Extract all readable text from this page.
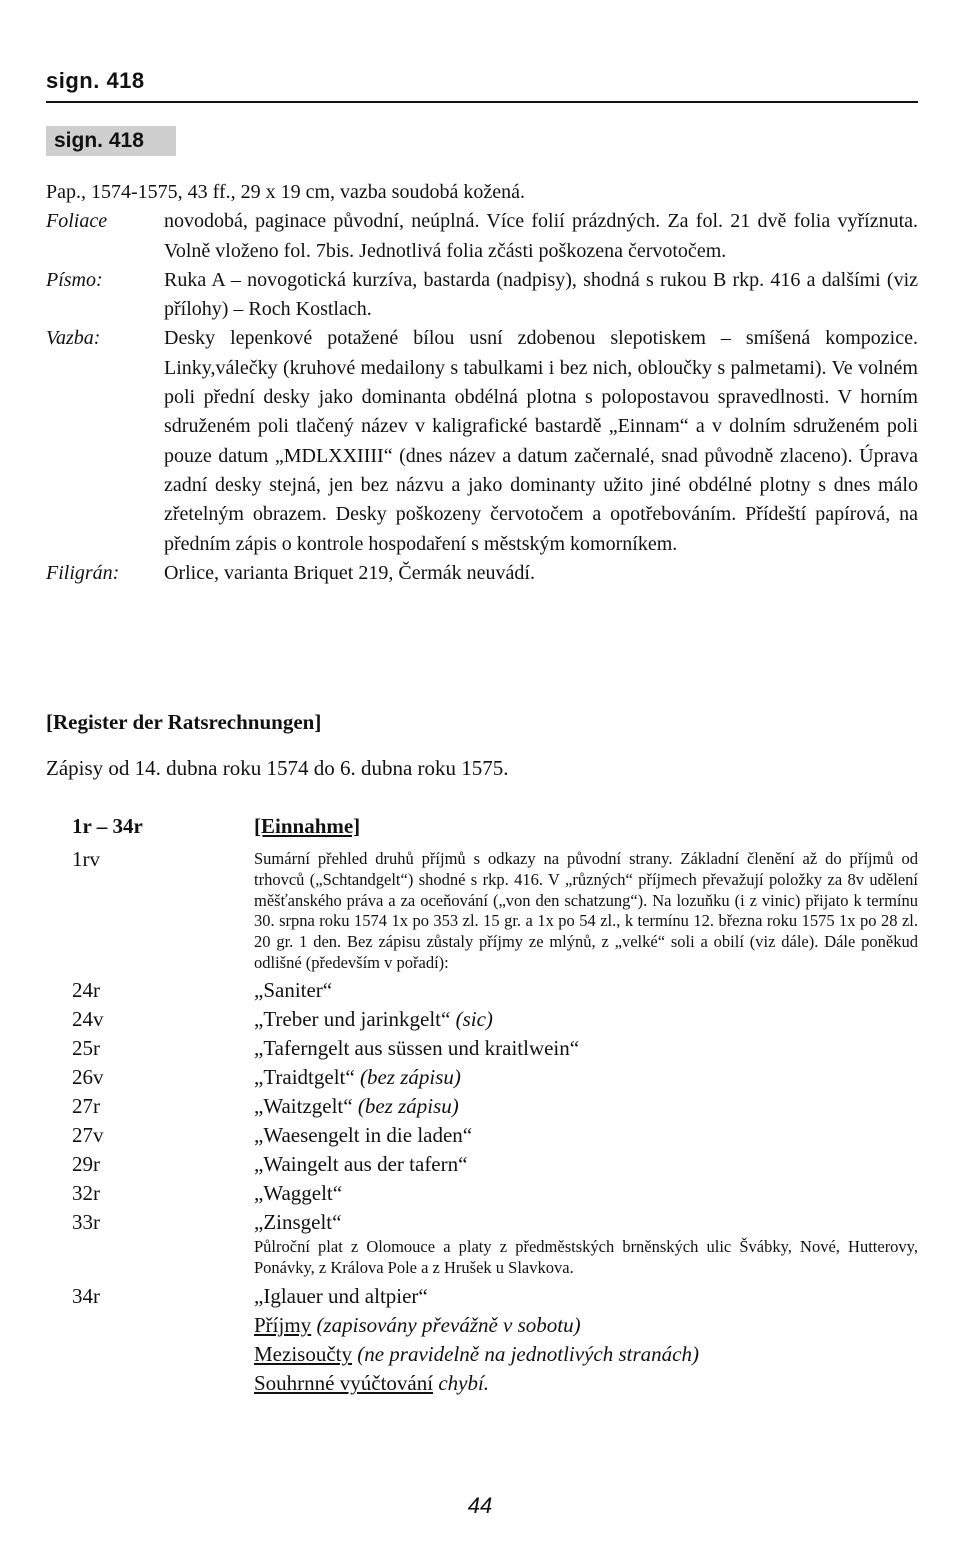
sign. 418
sign. 418

Pap., 1574-1575, 43 ff., 29 x 19 cm, vazba soudobá kožená.

Foliace	novodobá, paginace původní, neúplná. Více folií prázdných. Za fol. 21 dvě folia vyříznuta. Volně vloženo fol. 7bis. Jednotlivá folia zčásti poškozena červotočem.
Písmo:	Ruka A – novogotická kurzíva, bastarda (nadpisy), shodná s rukou B rkp. 416 a dalšími (viz přílohy) – Roch Kostlach.
Vazba:	Desky lepenkové potažené bílou usní zdobenou slepotiskem – smíšená kompozice. Linky,válečky (kruhové medailony s tabulkami i bez nich, obloučky s palmetami). Ve volném poli přední desky jako dominanta obdélná plotna s polopostavou spravedlnosti. V horním sdruženém poli tlačený název v kaligrafické bastardě „Einnam“ a v dolním sdruženém poli pouze datum „MDLXXIIII“ (dnes název a datum začernalé, snad původně zlaceno). Úprava zadní desky stejná, jen bez názvu a jako dominanty užito jiné obdélné plotny s dnes málo zřetelným obrazem. Desky poškozeny červotočem a opotřebováním. Přídeští papírová, na předním zápis o kontrole hospodaření s městským komorníkem.
Filigrán:	Orlice, varianta Briquet 219, Čermák neuvádí.
[Register der Ratsrechnungen]
Zápisy od 14. dubna roku 1574 do 6. dubna roku 1575.
1r – 34r	[Einnahme]
1rv	Sumární přehled druhů příjmů s odkazy na původní strany. Základní členění až do příjmů od trhovců („Schtandgelt“) shodné s rkp. 416. V „různých“ příjmech převažují položky za 8v udělení měšťanského práva a za oceňování („von den schatzung“). Na lozuňku (i z vinic) přijato k termínu 30. srpna roku 1574 1x po 353 zl. 15 gr. a 1x po 54 zl., k termínu 12. března roku 1575 1x po 28 zl. 20 gr. 1 den. Bez zápisu zůstaly příjmy ze mlýnů, z „velké“ soli a obilí (viz dále). Dále poněkud odlišné (především v pořadí):
24r	„Saniter“
24v	„Treber und jarinkgelt“ (sic)
25r	„Taferngelt aus süssen und kraitlwein“
26v	„Traidtgelt“ (bez zápisu)
27r	„Waitzgelt“ (bez zápisu)
27v	„Waesengelt in die laden“
29r	„Waingelt aus der tafern“
32r	„Waggelt“
33r	„Zinsgelt“
Půlroční plat z Olomouce a platy z předměstských brněnských ulic Švábky, Nové, Hutterovy, Ponávky, z Králova Pole a z Hrušek u Slavkova.
34r	„Iglauer und altpier“
Příjmy (zapisovány převážně v sobotu)
Mezisoučty (ne pravidelně na jednotlivých stranách)
Souhrnné vyúčtování chybí.
44
